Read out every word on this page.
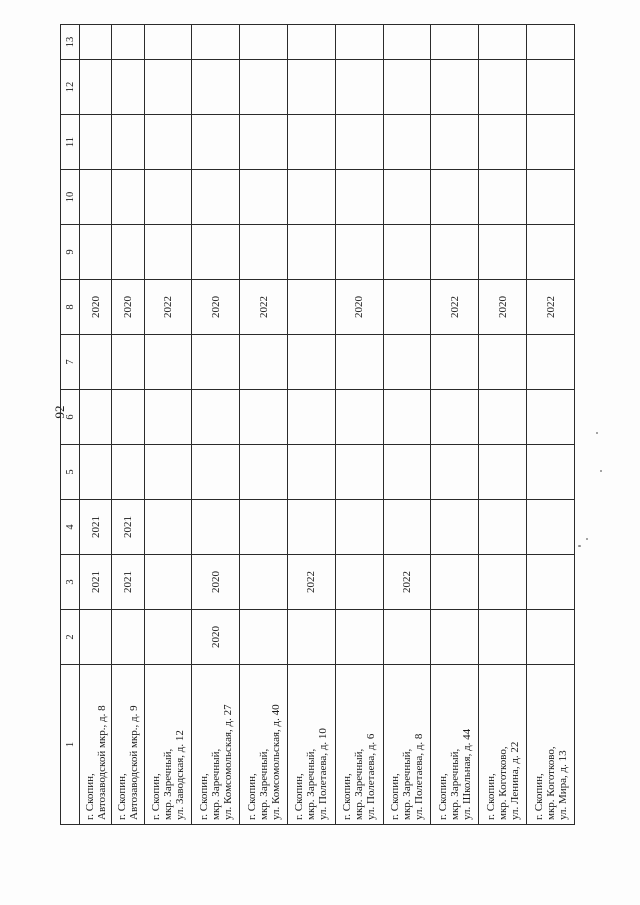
92
1	2	3	4	5	6	7	8	9	10	11	12	13

г. Скопин, Автозаводской мкр., д. 8		2021	2021				2020					

г. Скопин, Автозаводской мкр., д. 9		2021	2021				2020					

г. Скопин, мкр. Заречный, ул. Заводская, д. 12							2022					

г. Скопин, мкр. Заречный, ул. Комсомольская, д. 27	2020	2020					2020					

г. Скопин, мкр. Заречный, ул. Комсомольская, д. 40							2022					

г. Скопин, мкр. Заречный, ул. Полетаева, д. 10		2022										

г. Скопин, мкр. Заречный, ул. Полетаева, д. 6							2020					

г. Скопин, мкр. Заречный, ул. Полетаева, д. 8		2022										

г. Скопин, мкр. Заречный, ул. Школьная, д. 44							2022					

г. Скопин, мкр. Коготково, ул. Ленина, д. 22							2020					

г. Скопин, мкр. Коготково, ул. Мира, д. 13							2022					
